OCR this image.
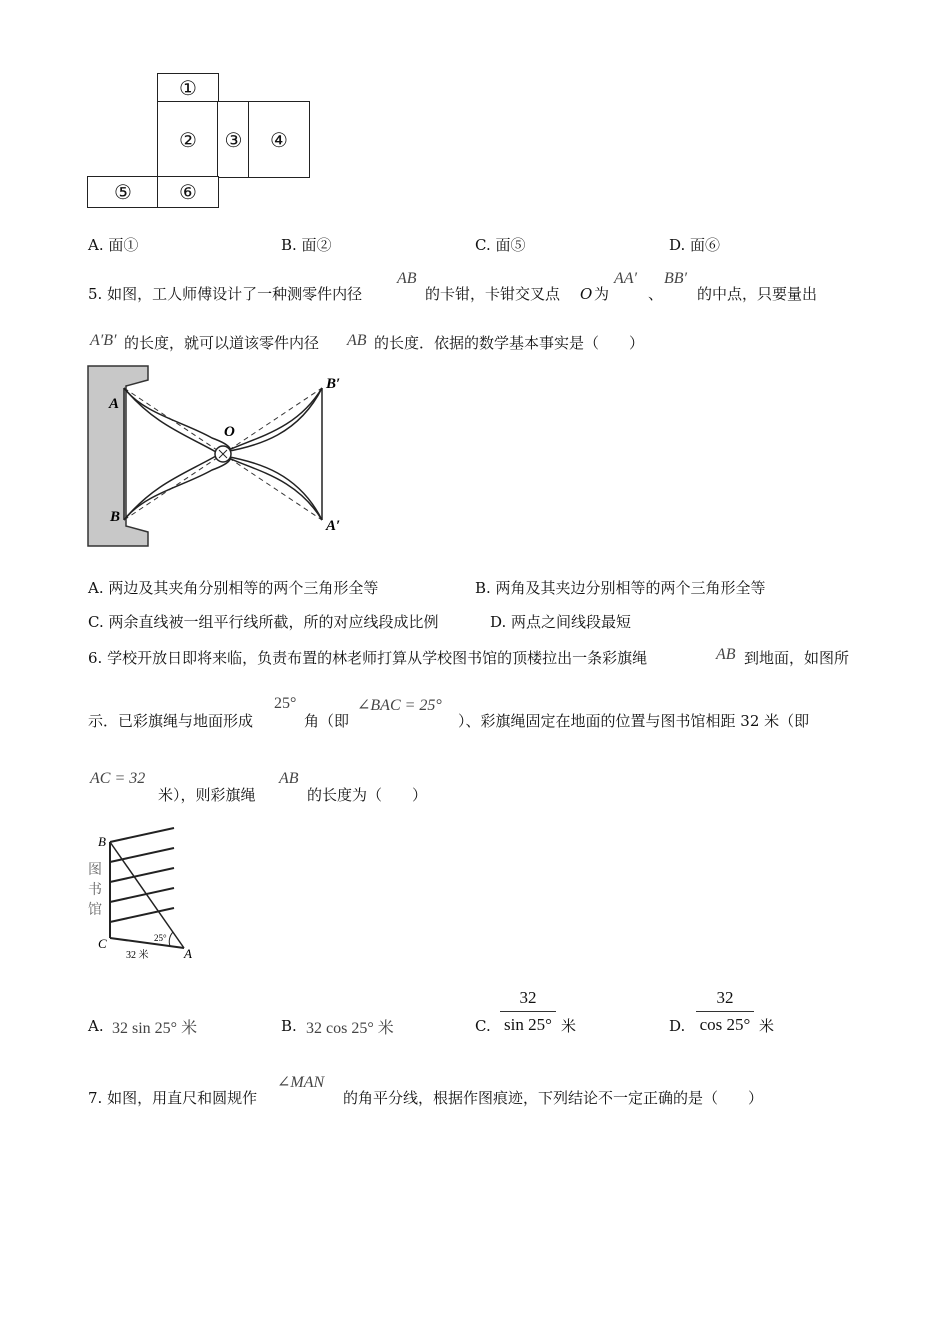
①
② ③ ④
⑤ ⑥
A. 面①	B. 面②	C. 面⑤	D. 面⑥
5. 如图，工人师傅设计了一种测零件内径
AB
的卡钳，卡钳交叉点 O 为
AA′
、
BB′
的中点，只要量出
A′B′ 的长度，就可以道该零件内径 AB 的长度．依据的数学基本事实是（　　）
A
B
O
B′
A′
A. 两边及其夹角分别相等的两个三角形全等	B. 两角及其夹边分别相等的两个三角形全等
C. 两余直线被一组平行线所截，所的对应线段成比例	D. 两点之间线段最短
6. 学校开放日即将来临，负责布置的林老师打算从学校图书馆的顶楼拉出一条彩旗绳	AB 到地面，如图所
示．已彩旗绳与地面形成
25°
角（即
∠BAC = 25°
）、彩旗绳固定在地面的位置与图书馆相距 32 米（即
AC = 32
米），则彩旗绳
AB
的长度为（　　）
B
C
A
图
书
馆
25°
32 米
A. 32 sin 25° 米	B. 32 cos 25° 米	C.
32
sin 25° 米	D.
32
cos 25° 米
7. 如图，用直尺和圆规作
∠MAN
的角平分线，根据作图痕迹，下列结论不一定正确的是（　　）
